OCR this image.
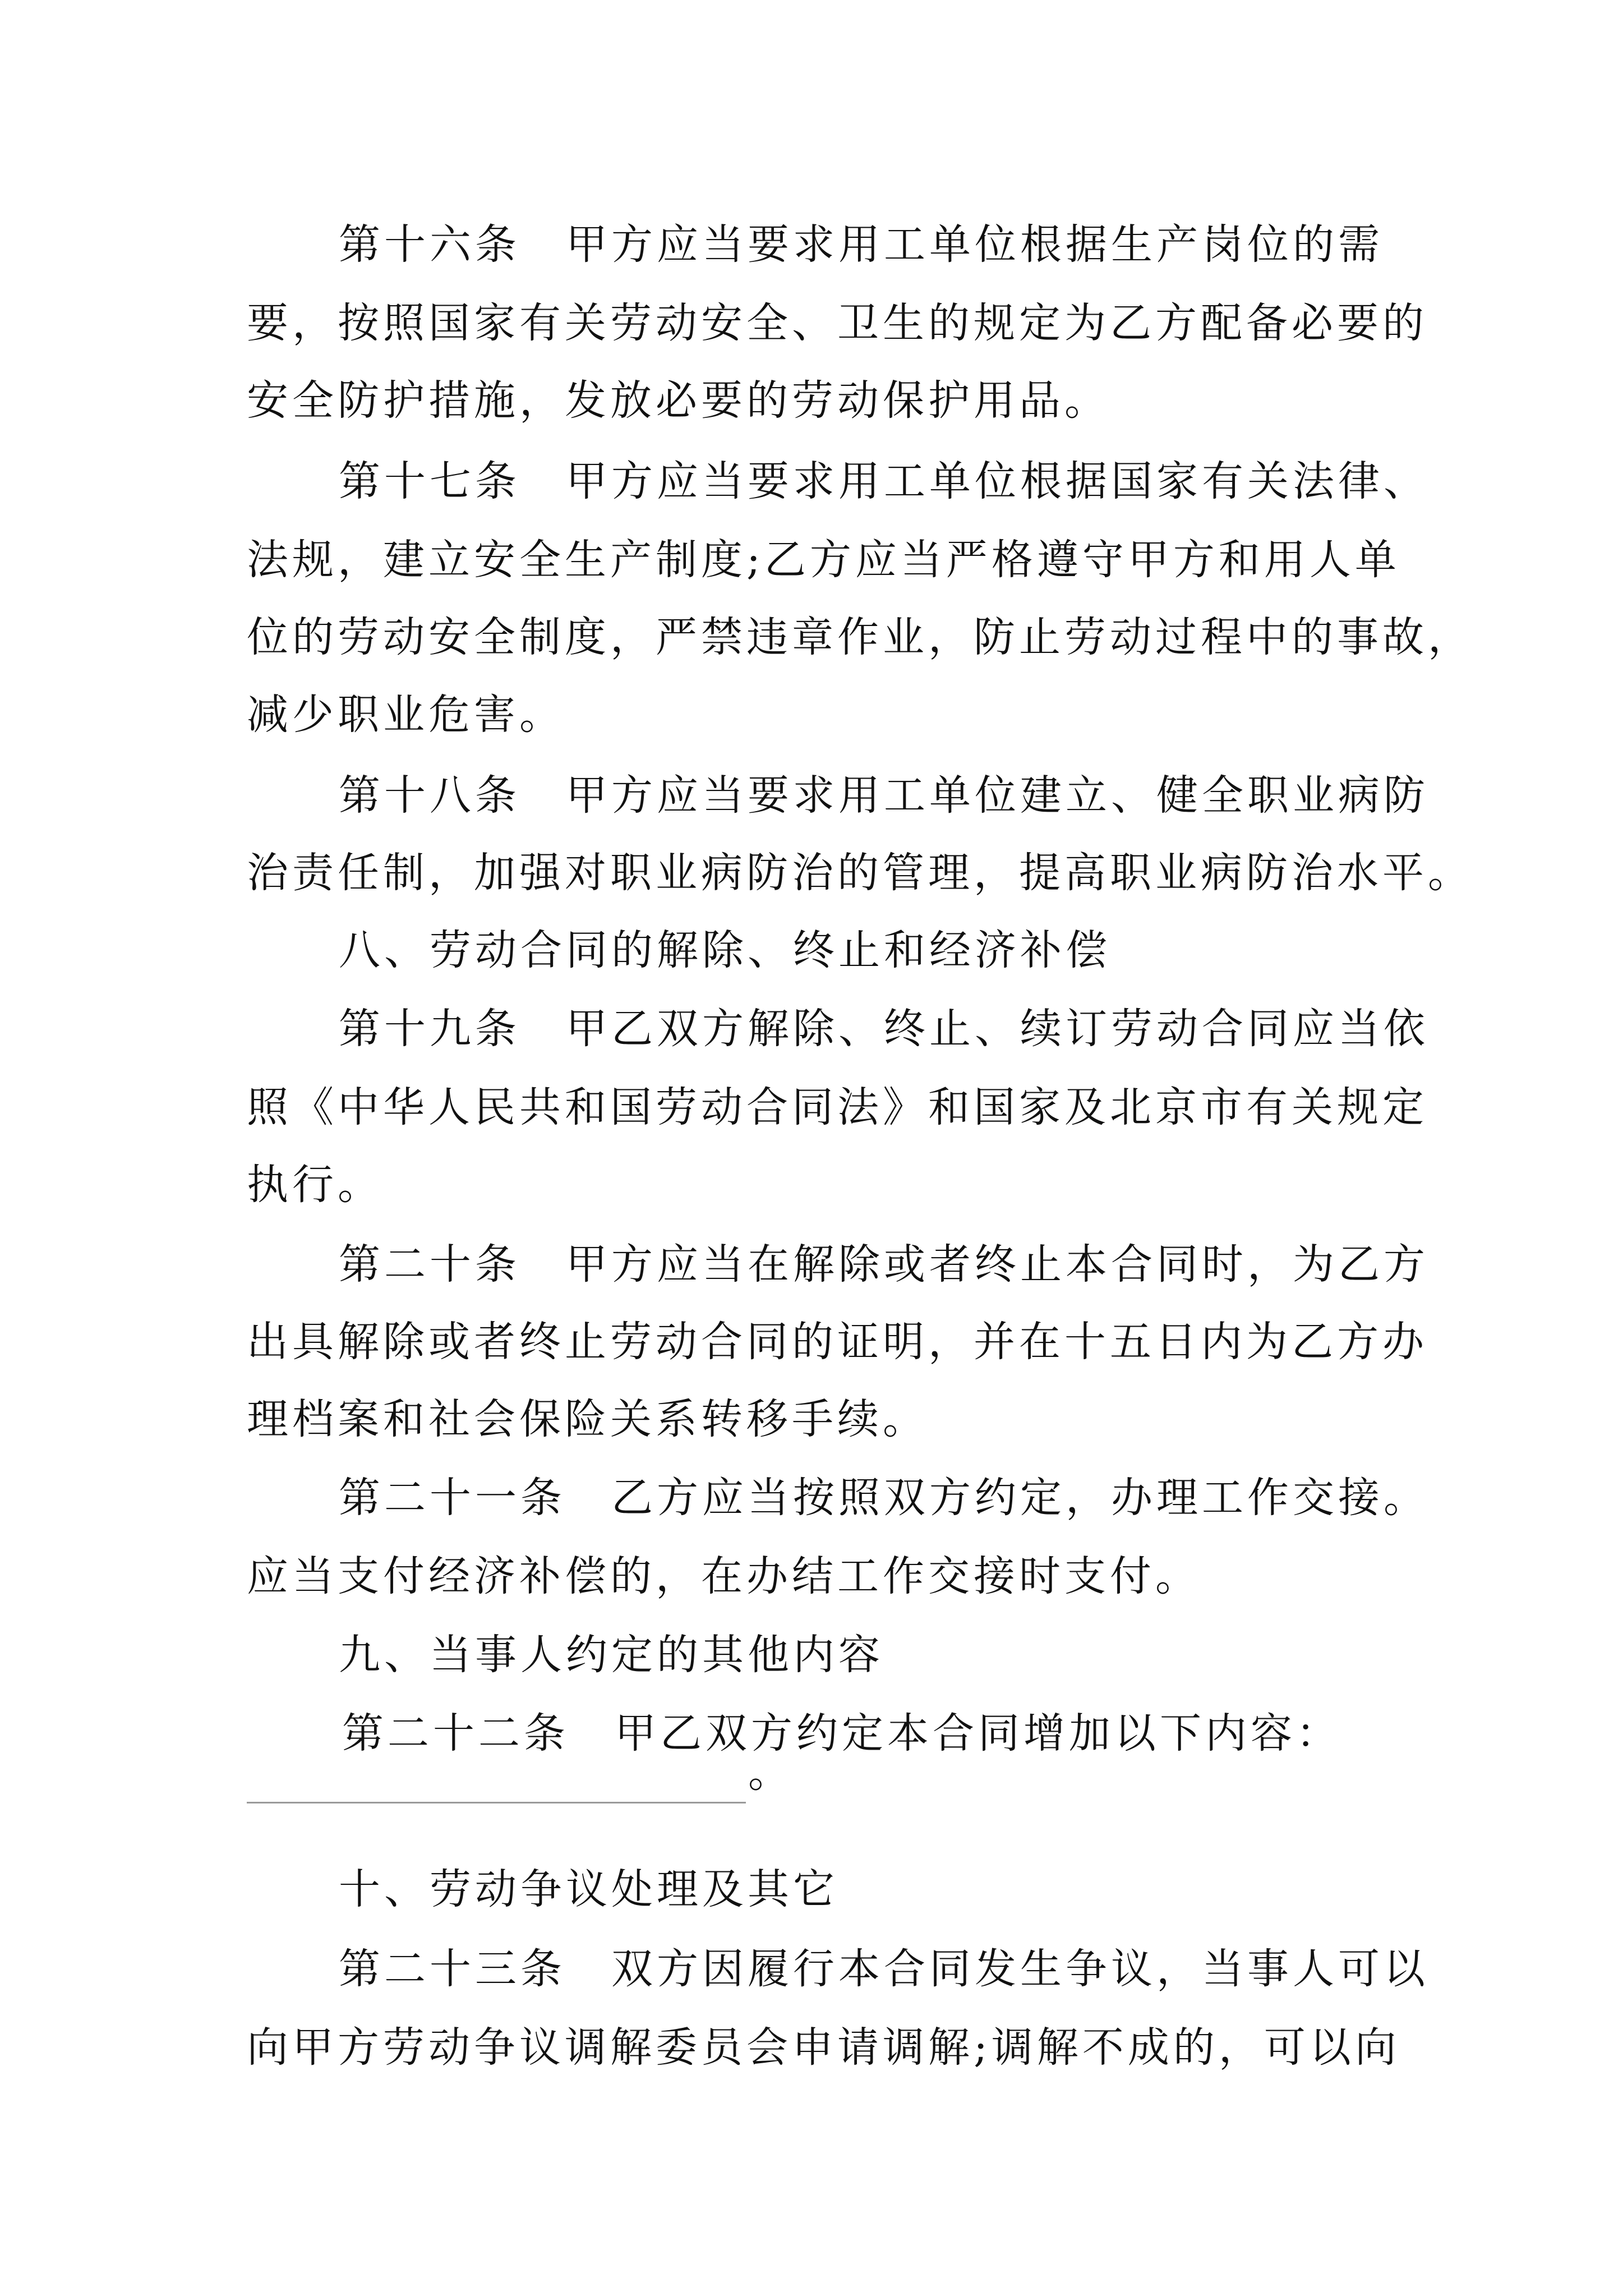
第十六条　甲方应当要求用工单位根据生产岗位的需
要，按照国家有关劳动安全、卫生的规定为乙方配备必要的
安全防护措施，发放必要的劳动保护用品。
第十七条　甲方应当要求用工单位根据国家有关法律、
法规，建立安全生产制度;乙方应当严格遵守甲方和用人单
位的劳动安全制度，严禁违章作业，防止劳动过程中的事故，
减少职业危害。
第十八条　甲方应当要求用工单位建立、健全职业病防
治责任制，加强对职业病防治的管理，提高职业病防治水平。
八、劳动合同的解除、终止和经济补偿
第十九条　甲乙双方解除、终止、续订劳动合同应当依
照《中华人民共和国劳动合同法》和国家及北京市有关规定
执行。
第二十条　甲方应当在解除或者终止本合同时，为乙方
出具解除或者终止劳动合同的证明，并在十五日内为乙方办
理档案和社会保险关系转移手续。
第二十一条　乙方应当按照双方约定，办理工作交接。
应当支付经济补偿的，在办结工作交接时支付。
九、当事人约定的其他内容
第二十二条　甲乙双方约定本合同增加以下内容：
。
十、劳动争议处理及其它
第二十三条　双方因履行本合同发生争议，当事人可以
向甲方劳动争议调解委员会申请调解;调解不成的，可以向
